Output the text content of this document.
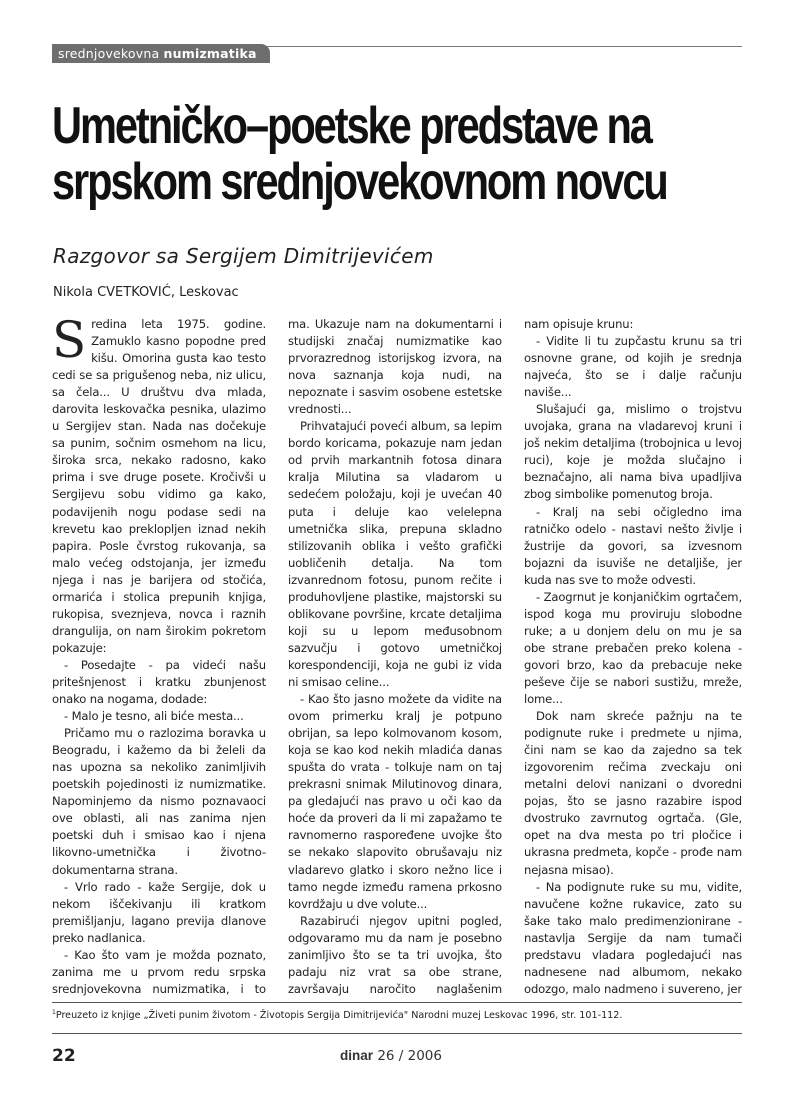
srednjovekovna numizmatika
Umetničko–poetske predstave na
srpskom srednjovekovnom novcu
Razgovor sa Sergijem Dimitrijevićem
Nikola CVETKOVIĆ, Leskovac

Sredina leta 1975. godine. Zamuklo kasno popodne pred kišu. Omorina gusta kao testo cedi se sa prigušenog neba, niz ulicu, sa čela... U društvu dva mlada, darovita leskovačka pesnika, ulazimo u Sergijev stan. Nada nas dočekuje sa punim, sočnim osmehom na licu, široka srca, nekako radosno, kako prima i sve druge posete. Kročivši u Sergijevu sobu vidimo ga kako, podavijenih nogu podase sedi na krevetu kao preklopljen iznad nekih papira. Posle čvrstog rukovanja, sa malo većeg odstojanja, jer između njega i nas je barijera od stočića, ormarića i stolica prepunih knjiga, rukopisa, sveznjeva, novca i raznih drangulija, on nam širokim pokretom pokazuje:

- Posedajte - pa videći našu pritešnjenost i kratku zbunjenost onako na nogama, dodade:

- Malo je tesno, ali biće mesta...

Pričamo mu o razlozima boravka u Beogradu, i kažemo da bi želeli da nas upozna sa nekoliko zanimljivih poetskih pojedinosti iz numizmatike. Napominjemo da nismo poznavaoci ove oblasti, ali nas zanima njen poetski duh i smisao kao i njena likovno-umetnička i životno-dokumentarna strana.

- Vrlo rado - kaže Sergije, dok u nekom iščekivanju ili kratkom premišljanju, lagano previja dlanove preko nadlanica.

- Kao što vam je možda poznato, zanima me u prvom redu srpska srednjovekovna numizmatika, i to

ma. Ukazuje nam na dokumentarni i studijski značaj numizmatike kao prvorazrednog istorijskog izvora, na nova saznanja koja nudi, na nepoznate i sasvim osobene estetske vrednosti...

Prihvatajući poveći album, sa lepim bordo koricama, pokazuje nam jedan od prvih markantnih fotosa dinara kralja Milutina sa vladarom u sedećem položaju, koji je uvećan 40 puta i deluje kao velelepna umetnička slika, prepuna skladno stilizovanih oblika i vešto grafički uobličenih detalja. Na tom izvanrednom fotosu, punom rečite i produhovljene plastike, majstorski su oblikovane površine, krcate detaljima koji su u lepom međusobnom sazvučju i gotovo umetničkoj korespondenciji, koja ne gubi iz vida ni smisao celine...

- Kao što jasno možete da vidite na ovom primerku kralj je potpuno obrijan, sa lepo kolmovanom kosom, koja se kao kod nekih mladića danas spušta do vrata - tolkuje nam on taj prekrasni snimak Milutinovog dinara, pa gledajući nas pravo u oči kao da hoće da proveri da li mi zapažamo te ravnomerno raspoređene uvojke što se nekako slapovito obrušavaju niz vladarevo glatko i skoro nežno lice i tamo negde između ramena prkosno kovrdžaju u dve volute...

Razabirući njegov upitni pogled, odgovaramo mu da nam je posebno zanimljivo što se ta tri uvojka, što padaju niz vrat sa obe strane, završavaju naročito naglašenim

nam opisuje krunu:

- Vidite li tu zupčastu krunu sa tri osnovne grane, od kojih je srednja najveća, što se i dalje računju naviše...

Slušajući ga, mislimo o trojstvu uvojaka, grana na vladarevoj kruni i još nekim detaljima (trobojnica u levoj ruci), koje je možda slučajno i beznačajno, ali nama biva upadljiva zbog simbolike pomenutog broja.

- Kralj na sebi očigledno ima ratničko odelo - nastavi nešto življe i žustrije da govori, sa izvesnom bojazni da isuviše ne detaljiše, jer kuda nas sve to može odvesti.

- Zaogrnut je konjaničkim ogrtačem, ispod koga mu proviruju slobodne ruke; a u donjem delu on mu je sa obe strane prebačen preko kolena - govori brzo, kao da prebacuje neke peševe čije se nabori sustižu, mreže, lome...

Dok nam skreće pažnju na te podignute ruke i predmete u njima, čini nam se kao da zajedno sa tek izgovorenim rečima zveckaju oni metalni delovi nanizani o dvoredni pojas, što se jasno razabire ispod dvostruko zavrnutog ogrtača. (Gle, opet na dva mesta po tri pločice i ukrasna predmeta, kopče - prođe nam nejasna misao).

- Na podignute ruke su mu, vidite, navučene kožne rukavice, zato su šake tako malo predimenzionirane - nastavlja Sergije da nam tumači predstavu vladara pogledajući nas nadnesene nad albumom, nekako odozgo, malo nadmeno i suvereno, jer

$^1$Preuzeto iz knjige „Živeti punim životom - Životopis Sergija Dimitrijevića" Narodni muzej Leskovac 1996, str. 101-112.
22	dinar 26 / 2006
